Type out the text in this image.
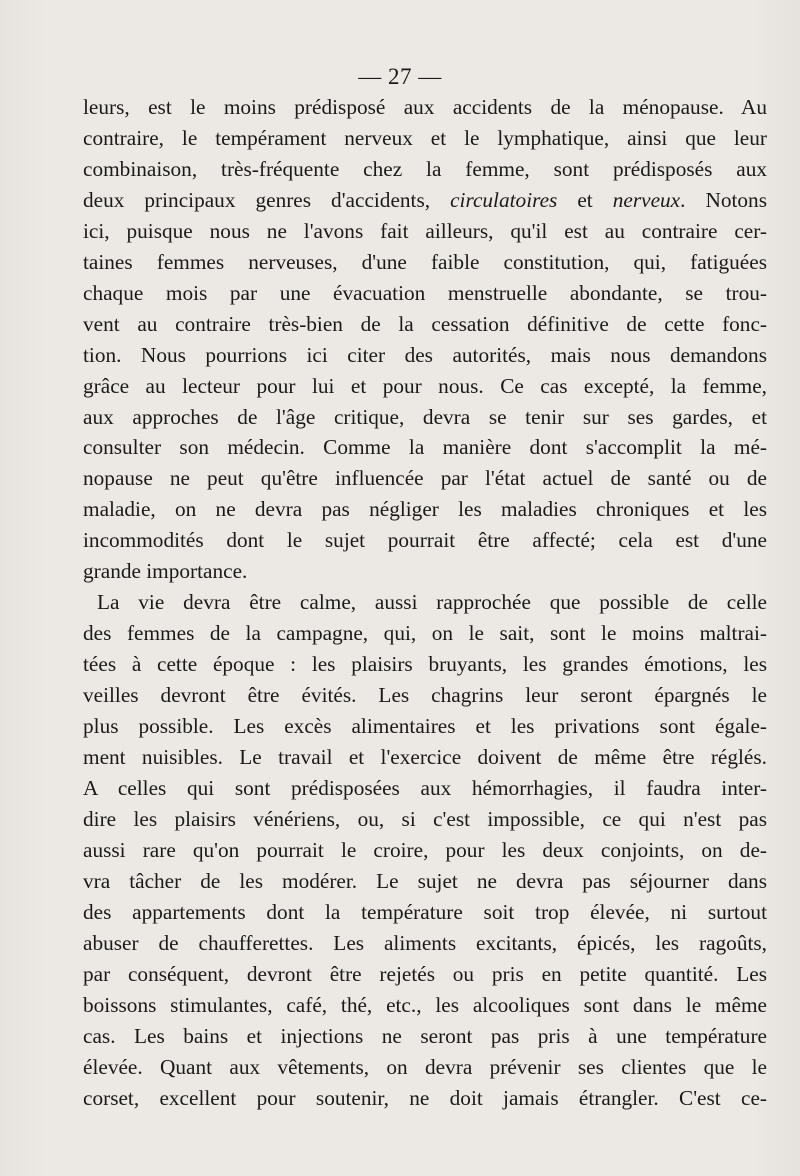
— 27 —
leurs, est le moins prédisposé aux accidents de la ménopause. Au
contraire, le tempérament nerveux et le lymphatique, ainsi que leur
combinaison, très-fréquente chez la femme, sont prédisposés aux
deux principaux genres d'accidents, circulatoires et nerveux. Notons
ici, puisque nous ne l'avons fait ailleurs, qu'il est au contraire cer-
taines femmes nerveuses, d'une faible constitution, qui, fatiguées
chaque mois par une évacuation menstruelle abondante, se trou-
vent au contraire très-bien de la cessation définitive de cette fonc-
tion. Nous pourrions ici citer des autorités, mais nous demandons
grâce au lecteur pour lui et pour nous. Ce cas excepté, la femme,
aux approches de l'âge critique, devra se tenir sur ses gardes, et
consulter son médecin. Comme la manière dont s'accomplit la mé-
nopause ne peut qu'être influencée par l'état actuel de santé ou de
maladie, on ne devra pas négliger les maladies chroniques et les
incommodités dont le sujet pourrait être affecté; cela est d'une
grande importance.
La vie devra être calme, aussi rapprochée que possible de celle
des femmes de la campagne, qui, on le sait, sont le moins maltrai-
tées à cette époque : les plaisirs bruyants, les grandes émotions, les
veilles devront être évités. Les chagrins leur seront épargnés le
plus possible. Les excès alimentaires et les privations sont égale-
ment nuisibles. Le travail et l'exercice doivent de même être réglés.
A celles qui sont prédisposées aux hémorrhagies, il faudra inter-
dire les plaisirs vénériens, ou, si c'est impossible, ce qui n'est pas
aussi rare qu'on pourrait le croire, pour les deux conjoints, on de-
vra tâcher de les modérer. Le sujet ne devra pas séjourner dans
des appartements dont la température soit trop élevée, ni surtout
abuser de chaufferettes. Les aliments excitants, épicés, les ragoûts,
par conséquent, devront être rejetés ou pris en petite quantité. Les
boissons stimulantes, café, thé, etc., les alcooliques sont dans le même
cas. Les bains et injections ne seront pas pris à une température
élevée. Quant aux vêtements, on devra prévenir ses clientes que le
corset, excellent pour soutenir, ne doit jamais étrangler. C'est ce-
